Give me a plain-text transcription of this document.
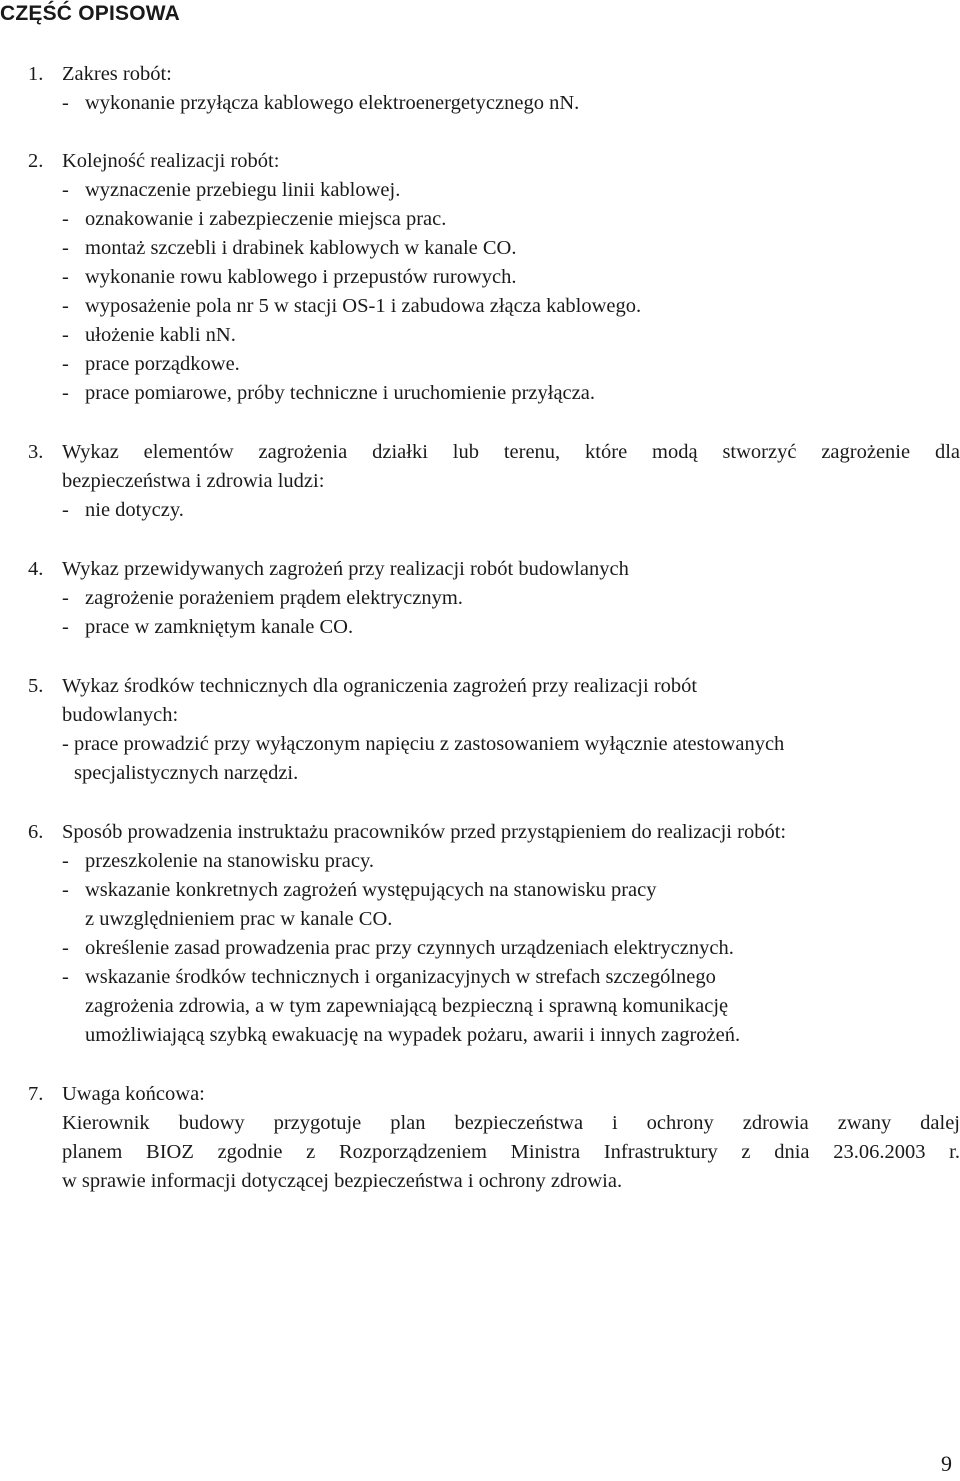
CZĘŚĆ OPISOWA
1. Zakres robót:
- wykonanie przyłącza kablowego elektroenergetycznego nN.
2. Kolejność realizacji robót:
- wyznaczenie przebiegu linii kablowej.
- oznakowanie i zabezpieczenie miejsca prac.
- montaż szczebli i drabinek kablowych w kanale CO.
- wykonanie rowu kablowego i przepustów rurowych.
- wyposażenie pola nr 5 w stacji OS-1 i zabudowa złącza kablowego.
- ułożenie kabli nN.
- prace porządkowe.
- prace pomiarowe, próby techniczne i uruchomienie przyłącza.
3. Wykaz elementów zagrożenia działki lub terenu, które modą stworzyć zagrożenie dla
bezpieczeństwa i zdrowia ludzi:
- nie dotyczy.
4. Wykaz przewidywanych zagrożeń przy realizacji robót budowlanych
- zagrożenie porażeniem prądem elektrycznym.
- prace w zamkniętym kanale CO.
5. Wykaz środków technicznych dla ograniczenia zagrożeń przy realizacji robót
budowlanych:
- prace prowadzić przy wyłączonym napięciu z zastosowaniem wyłącznie atestowanych
specjalistycznych narzędzi.
6. Sposób prowadzenia instruktażu pracowników przed przystąpieniem do realizacji robót:
- przeszkolenie na stanowisku pracy.
- wskazanie konkretnych zagrożeń występujących na stanowisku pracy
z uwzględnieniem prac w kanale CO.
- określenie zasad prowadzenia prac przy czynnych urządzeniach elektrycznych.
- wskazanie środków technicznych i organizacyjnych w strefach szczególnego
zagrożenia zdrowia, a w tym zapewniającą bezpieczną i sprawną komunikację
umożliwiającą szybką ewakuację na wypadek pożaru, awarii i innych zagrożeń.
7. Uwaga końcowa:
Kierownik budowy przygotuje plan bezpieczeństwa i ochrony zdrowia zwany dalej
planem BIOZ zgodnie z Rozporządzeniem Ministra Infrastruktury z dnia 23.06.2003 r.
w sprawie informacji dotyczącej bezpieczeństwa i ochrony zdrowia.
9
